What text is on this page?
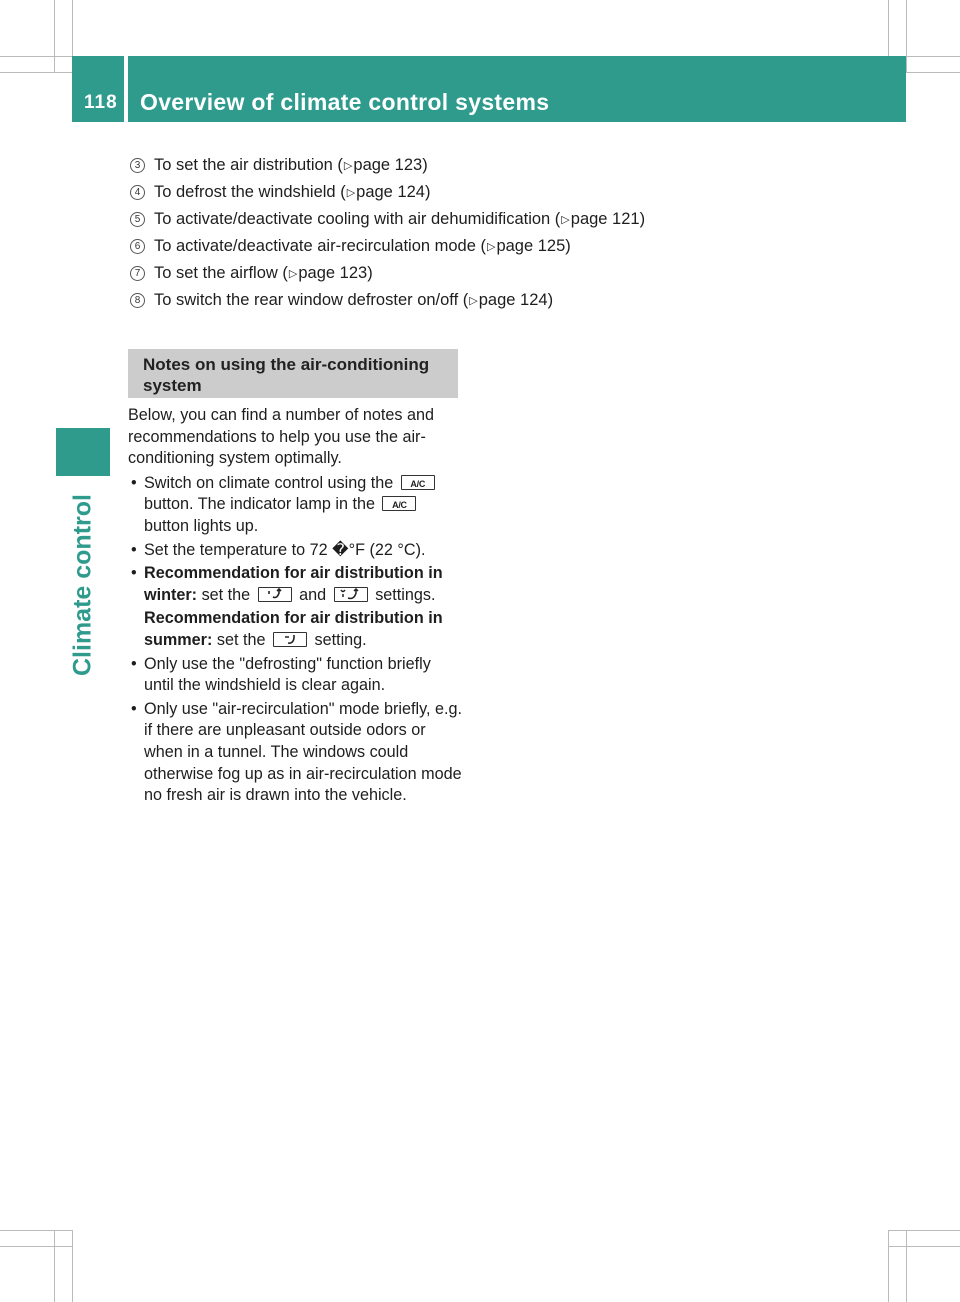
118 Overview of climate control systems
Climate control
3 To set the air distribution ( ▷ page 123 )
4 To defrost the windshield ( ▷ page 124 )
5 To activate/deactivate cooling with air dehumidification ( ▷ page 121 )
6 To activate/deactivate air-recirculation mode ( ▷ page 125 )
7 To set the airflow ( ▷ page 123 )
8 To switch the rear window defroster on/off ( ▷ page 124 )
Notes on using the air-conditioning
system

Below, you can find a number of notes and recommendations to help you use the air-conditioning system optimally.

• Switch on climate control using the	A/C
button. The indicator lamp in the	A/C
button lights up.
• Set the temperature to 72 �°F (22 ‌°C).
• Recommendation for air distribution in winter: set the	and	settings.
Recommendation for air distribution in summer: set the	setting.
• Only use the "defrosting" function briefly until the windshield is clear again.
• Only use "air-recirculation" mode briefly, e.g. if there are unpleasant outside odors or when in a tunnel. The windows could otherwise fog up as in air-recirculation mode no fresh air is drawn into the vehicle.
